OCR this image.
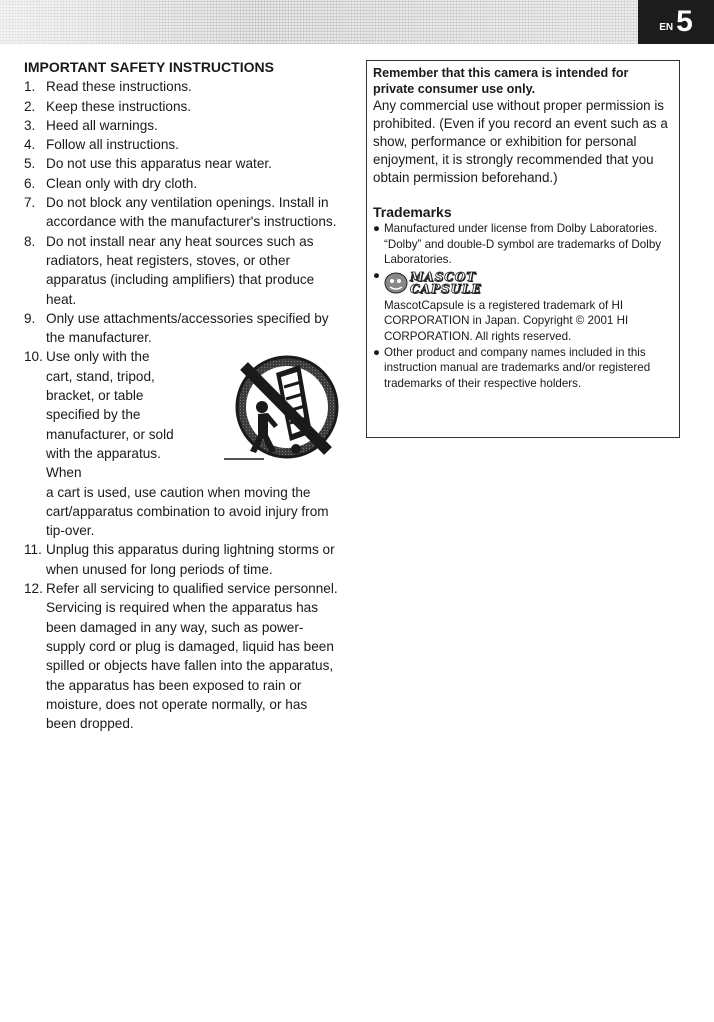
EN 5
IMPORTANT SAFETY INSTRUCTIONS
1. Read these instructions.
2. Keep these instructions.
3. Heed all warnings.
4. Follow all instructions.
5. Do not use this apparatus near water.
6. Clean only with dry cloth.
7. Do not block any ventilation openings. Install in accordance with the manufacturer's instructions.
8. Do not install near any heat sources such as radiators, heat registers, stoves, or other apparatus (including amplifiers) that produce heat.
9. Only use attachments/accessories specified by the manufacturer.
10. Use only with the cart, stand, tripod, bracket, or table specified by the manufacturer, or sold with the apparatus. When
a cart is used, use caution when moving the cart/apparatus combination to avoid injury from tip-over.
11. Unplug this apparatus during lightning storms or when unused for long periods of time.
12. Refer all servicing to qualified service personnel. Servicing is required when the apparatus has been damaged in any way, such as power-supply cord or plug is damaged, liquid has been spilled or objects have fallen into the apparatus, the apparatus has been exposed to rain or moisture, does not operate normally, or has been dropped.

Remember that this camera is intended for private consumer use only.

Any commercial use without proper permission is prohibited. (Even if you record an event such as a show, performance or exhibition for personal enjoyment, it is strongly recommended that you obtain permission beforehand.)

Trademarks
● Manufactured under license from Dolby Laboratories. “Dolby” and double-D symbol are trademarks of Dolby Laboratories.
● MASCOT
CAPSULE
MascotCapsule is a registered trademark of HI CORPORATION in Japan. Copyright © 2001 HI CORPORATION. All rights reserved.
● Other product and company names included in this instruction manual are trademarks and/or registered trademarks of their respective holders.
